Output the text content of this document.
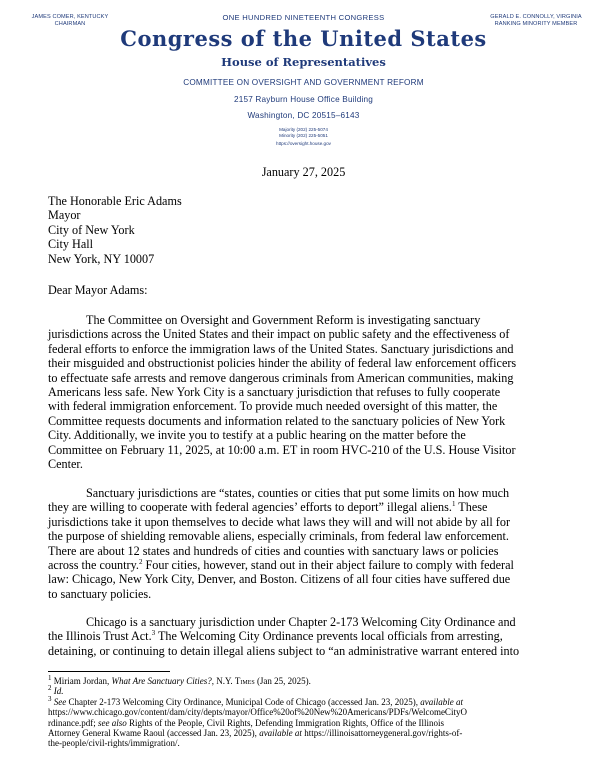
JAMES COMER, KENTUCKY
CHAIRMAN
ONE HUNDRED NINETEENTH CONGRESS	GERALD E. CONNOLLY, VIRGINIA
RANKING MINORITY MEMBER
Congress of the United States
House of Representatives
COMMITTEE ON OVERSIGHT AND GOVERNMENT REFORM
2157 Rayburn House Office Building
Washington, DC 20515–6143
Majority (202) 225-5074
Minority (202) 225-5051
https://oversight.house.gov
January 27, 2025
The Honorable Eric Adams
Mayor
City of New York
City Hall
New York, NY 10007
Dear Mayor Adams:
The Committee on Oversight and Government Reform is investigating sanctuary
jurisdictions across the United States and their impact on public safety and the effectiveness of
federal efforts to enforce the immigration laws of the United States. Sanctuary jurisdictions and
their misguided and obstructionist policies hinder the ability of federal law enforcement officers
to effectuate safe arrests and remove dangerous criminals from American communities, making
Americans less safe. New York City is a sanctuary jurisdiction that refuses to fully cooperate
with federal immigration enforcement. To provide much needed oversight of this matter, the
Committee requests documents and information related to the sanctuary policies of New York
City. Additionally, we invite you to testify at a public hearing on the matter before the
Committee on February 11, 2025, at 10:00 a.m. ET in room HVC-210 of the U.S. House Visitor
Center.
Sanctuary jurisdictions are “states, counties or cities that put some limits on how much
they are willing to cooperate with federal agencies’ efforts to deport” illegal aliens.$^1$ These
jurisdictions take it upon themselves to decide what laws they will and will not abide by all for
the purpose of shielding removable aliens, especially criminals, from federal law enforcement.
There are about 12 states and hundreds of cities and counties with sanctuary laws or policies
across the country.$^2$ Four cities, however, stand out in their abject failure to comply with federal
law: Chicago, New York City, Denver, and Boston. Citizens of all four cities have suffered due
to sanctuary policies.
Chicago is a sanctuary jurisdiction under Chapter 2-173 Welcoming City Ordinance and
the Illinois Trust Act.$^3$ The Welcoming City Ordinance prevents local officials from arresting,
detaining, or continuing to detain illegal aliens subject to “an administrative warrant entered into
$^1$ Miriam Jordan, What Are Sanctuary Cities?, N.Y. Times (Jan 25, 2025).
$^2$ Id.
$^3$ See Chapter 2-173 Welcoming City Ordinance, Municipal Code of Chicago (accessed Jan. 23, 2025), available at
https://www.chicago.gov/content/dam/city/depts/mayor/Office%20of%20New%20Americans/PDFs/WelcomeCityO
rdinance.pdf; see also Rights of the People, Civil Rights, Defending Immigration Rights, Office of the Illinois
Attorney General Kwame Raoul (accessed Jan. 23, 2025), available at https://illinoisattorneygeneral.gov/rights-of-
the-people/civil-rights/immigration/.
